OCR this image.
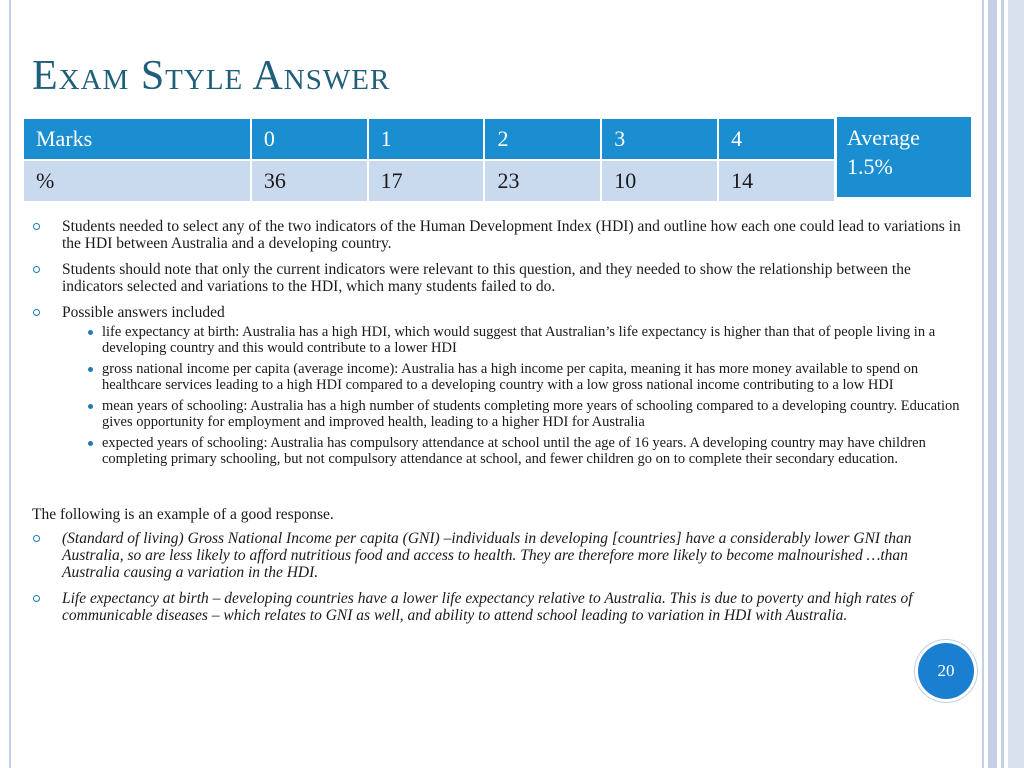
Exam Style Answer
Marks	0	1	2	3	4
%	36	17	23	10	14
Average
1.5%
Students needed to select any of the two indicators of the Human Development Index (HDI) and outline how each one could lead to variations in the HDI between Australia and a developing country.
Students should note that only the current indicators were relevant to this question, and they needed to show the relationship between the indicators selected and variations to the HDI, which many students failed to do.
Possible answers included
life expectancy at birth: Australia has a high HDI, which would suggest that Australian’s life expectancy is higher than that of people living in a developing country and this would contribute to a lower HDI
gross national income per capita (average income): Australia has a high income per capita, meaning it has more money available to spend on healthcare services leading to a high HDI compared to a developing country with a low gross national income contributing to a low HDI
mean years of schooling: Australia has a high number of students completing more years of schooling compared to a developing country. Education gives opportunity for employment and improved health, leading to a higher HDI for Australia
expected years of schooling: Australia has compulsory attendance at school until the age of 16 years. A developing country may have children completing primary schooling, but not compulsory attendance at school, and fewer children go on to complete their secondary education.

The following is an example of a good response.

(Standard of living) Gross National Income per capita (GNI) –individuals in developing [countries] have a considerably lower GNI than Australia, so are less likely to afford nutritious food and access to health. They are therefore more likely to become malnourished …than Australia causing a variation in the HDI.
Life expectancy at birth – developing countries have a lower life expectancy relative to Australia. This is due to poverty and high rates of communicable diseases – which relates to GNI as well, and ability to attend school leading to variation in HDI with Australia.
20
